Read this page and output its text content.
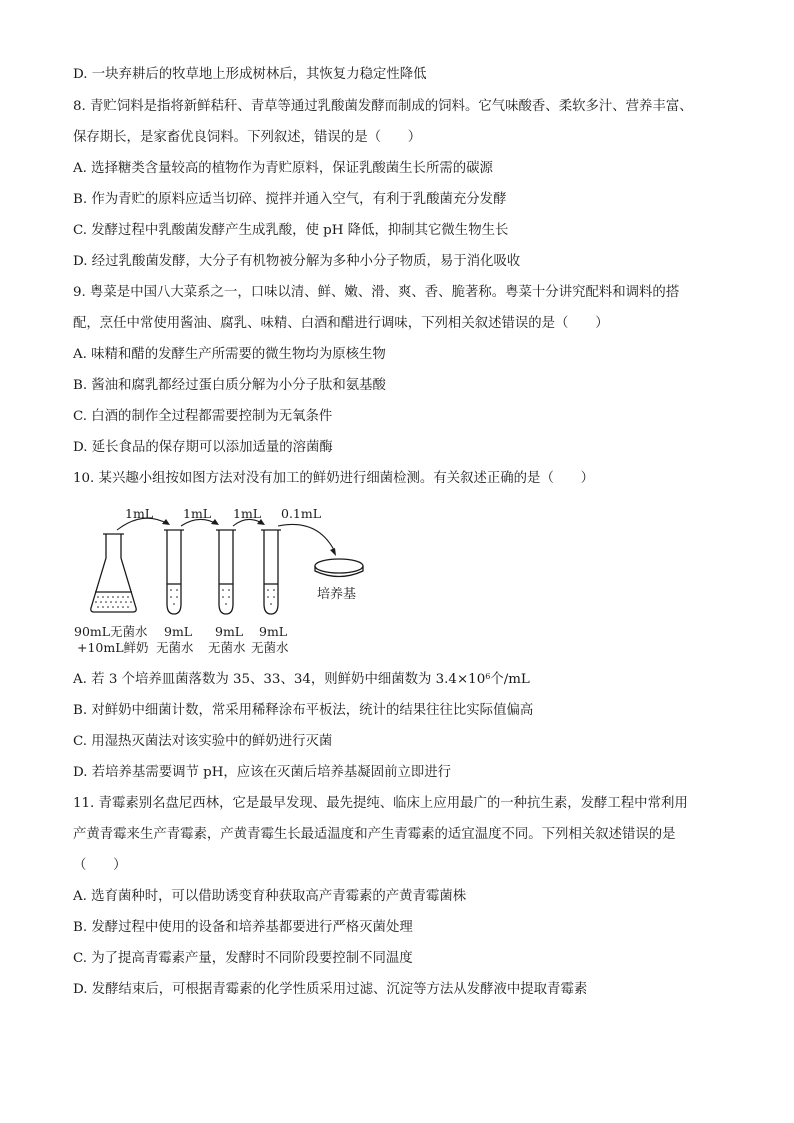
D. 一块弃耕后的牧草地上形成树林后，其恢复力稳定性降低
8. 青贮饲料是指将新鲜秸秆、青草等通过乳酸菌发酵而制成的饲料。它气味酸香、柔软多汁、营养丰富、
保存期长，是家畜优良饲料。下列叙述，错误的是（　　）
A. 选择糖类含量较高的植物作为青贮原料，保证乳酸菌生长所需的碳源
B. 作为青贮的原料应适当切碎、搅拌并通入空气，有利于乳酸菌充分发酵
C. 发酵过程中乳酸菌发酵产生成乳酸，使 pH 降低，抑制其它微生物生长
D. 经过乳酸菌发酵，大分子有机物被分解为多种小分子物质，易于消化吸收
9. 粤菜是中国八大菜系之一，口味以清、鲜、嫩、滑、爽、香、脆著称。粤菜十分讲究配料和调料的搭
配，烹任中常使用酱油、腐乳、味精、白酒和醋进行调味，下列相关叙述错误的是（　　）
A. 味精和醋的发酵生产所需要的微生物均为原核生物
B. 酱油和腐乳都经过蛋白质分解为小分子肽和氨基酸
C. 白酒的制作全过程都需要控制为无氧条件
D. 延长食品的保存期可以添加适量的溶菌酶
10. 某兴趣小组按如图方法对没有加工的鲜奶进行细菌检测。有关叙述正确的是（　　）
1mL 1mL 1mL 0.1mL
培养基
90mL无菌水
+10mL鲜奶
9mL
无菌水
9mL
无菌水
9mL
无菌水
A. 若 3 个培养皿菌落数为 35、33、34，则鲜奶中细菌数为 $3.4\times 10^6$个/mL
B. 对鲜奶中细菌计数，常采用稀释涂布平板法，统计的结果往往比实际值偏高
C. 用湿热灭菌法对该实验中的鲜奶进行灭菌
D. 若培养基需要调节 pH，应该在灭菌后培养基凝固前立即进行
11. 青霉素别名盘尼西林，它是最早发现、最先提纯、临床上应用最广的一种抗生素，发酵工程中常利用
产黄青霉来生产青霉素，产黄青霉生长最适温度和产生青霉素的适宜温度不同。下列相关叙述错误的是
（　　）
A. 选育菌种时，可以借助诱变育种获取高产青霉素的产黄青霉菌株
B. 发酵过程中使用的设备和培养基都要进行严格灭菌处理
C. 为了提高青霉素产量，发酵时不同阶段要控制不同温度
D. 发酵结束后，可根据青霉素的化学性质采用过滤、沉淀等方法从发酵液中提取青霉素
